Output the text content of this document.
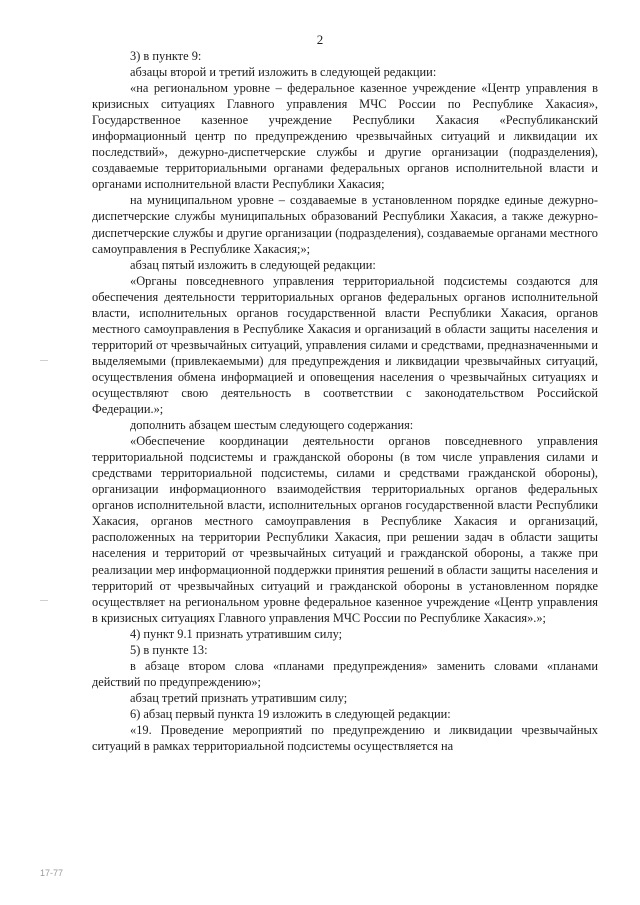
2

3) в пункте 9:

абзацы второй и третий изложить в следующей редакции:

«на региональном уровне – федеральное казенное учреждение «Центр управления в кризисных ситуациях Главного управления МЧС России по Республике Хакасия», Государственное казенное учреждение Республики Хакасия «Республиканский информационный центр по предупреждению чрезвычайных ситуаций и ликвидации их последствий», дежурно-диспетчерские службы и другие организации (подразделения), создаваемые территориальными органами федеральных органов исполнительной власти и органами исполнительной власти Республики Хакасия;

на муниципальном уровне – создаваемые в установленном порядке единые дежурно-диспетчерские службы муниципальных образований Республики Хакасия, а также дежурно-диспетчерские службы и другие организации (подразделения), создаваемые органами местного самоуправления в Республике Хакасия;»;

абзац пятый изложить в следующей редакции:

«Органы повседневного управления территориальной подсистемы создаются для обеспечения деятельности территориальных органов федеральных органов исполнительной власти, исполнительных органов государственной власти Республики Хакасия, органов местного самоуправления в Республике Хакасия и организаций в области защиты населения и территорий от чрезвычайных ситуаций, управления силами и средствами, предназначенными и выделяемыми (привлекаемыми) для предупреждения и ликвидации чрезвычайных ситуаций, осуществления обмена информацией и оповещения населения о чрезвычайных ситуациях и осуществляют свою деятельность в соответствии с законодательством Российской Федерации.»;

дополнить абзацем шестым следующего содержания:

«Обеспечение координации деятельности органов повседневного управления территориальной подсистемы и гражданской обороны (в том числе управления силами и средствами территориальной подсистемы, силами и средствами гражданской обороны), организации информационного взаимодействия территориальных органов федеральных органов исполнительной власти, исполнительных органов государственной власти Республики Хакасия, органов местного самоуправления в Республике Хакасия и организаций, расположенных на территории Республики Хакасия, при решении задач в области защиты населения и территорий от чрезвычайных ситуаций и гражданской обороны, а также при реализации мер информационной поддержки принятия решений в области защиты населения и территорий от чрезвычайных ситуаций и гражданской обороны в установленном порядке осуществляет на региональном уровне федеральное казенное учреждение «Центр управления в кризисных ситуациях Главного управления МЧС России по Республике Хакасия».»;

4) пункт 9.1 признать утратившим силу;

5) в пункте 13:

в абзаце втором слова «планами предупреждения» заменить словами «планами действий по предупреждению»;

абзац третий признать утратившим силу;

6) абзац первый пункта 19 изложить в следующей редакции:

«19. Проведение мероприятий по предупреждению и ликвидации чрезвычайных ситуаций в рамках территориальной подсистемы осуществляется на

17-77
